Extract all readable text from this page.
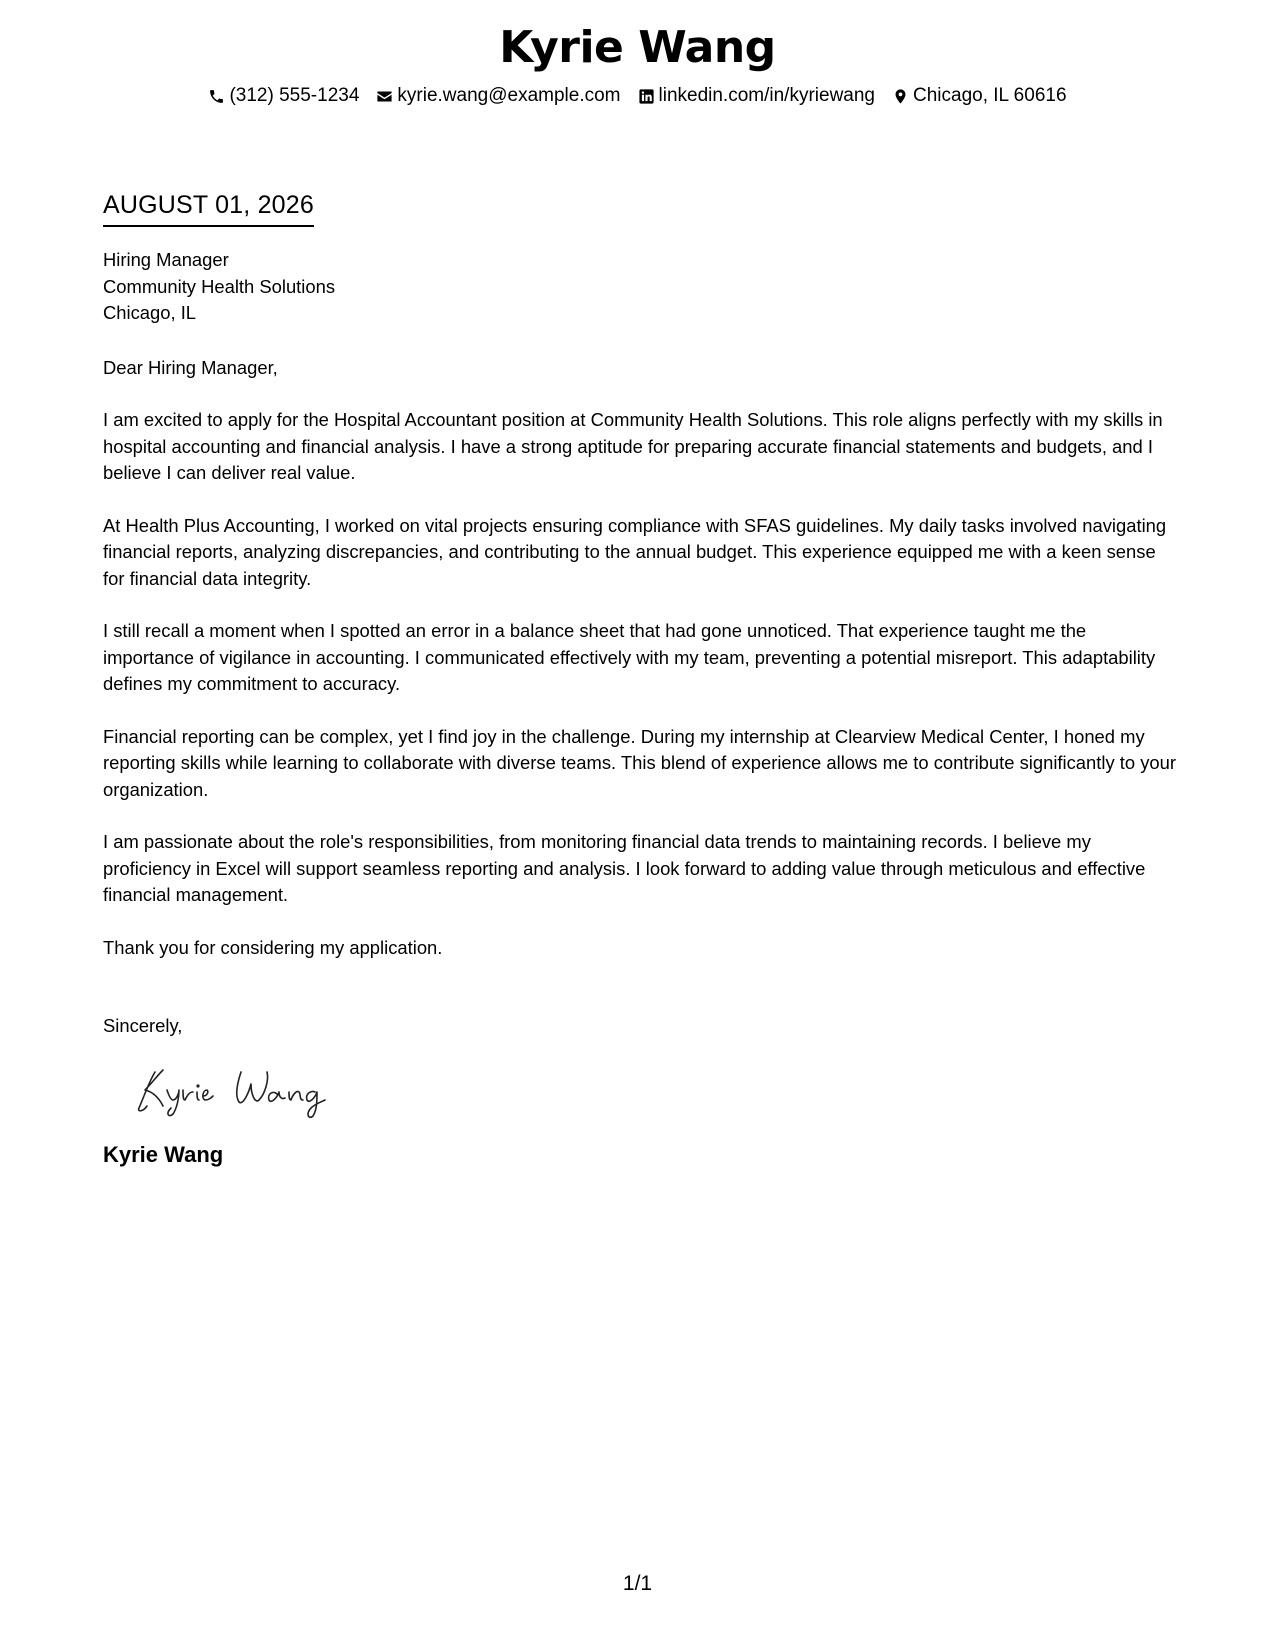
Kyrie Wang
(312) 555-1234 kyrie.wang@example.com linkedin.com/in/kyriewang Chicago, IL 60616
AUGUST 01, 2026
Hiring Manager
Community Health Solutions
Chicago, IL
Dear Hiring Manager,
I am excited to apply for the Hospital Accountant position at Community Health Solutions. This role aligns perfectly with my skills in hospital accounting and financial analysis. I have a strong aptitude for preparing accurate financial statements and budgets, and I believe I can deliver real value.
At Health Plus Accounting, I worked on vital projects ensuring compliance with SFAS guidelines. My daily tasks involved navigating financial reports, analyzing discrepancies, and contributing to the annual budget. This experience equipped me with a keen sense for financial data integrity.
I still recall a moment when I spotted an error in a balance sheet that had gone unnoticed. That experience taught me the importance of vigilance in accounting. I communicated effectively with my team, preventing a potential misreport. This adaptability defines my commitment to accuracy.
Financial reporting can be complex, yet I find joy in the challenge. During my internship at Clearview Medical Center, I honed my reporting skills while learning to collaborate with diverse teams. This blend of experience allows me to contribute significantly to your organization.
I am passionate about the role's responsibilities, from monitoring financial data trends to maintaining records. I believe my proficiency in Excel will support seamless reporting and analysis. I look forward to adding value through meticulous and effective financial management.
Thank you for considering my application.
Sincerely,
Kyrie Wang
1/1
